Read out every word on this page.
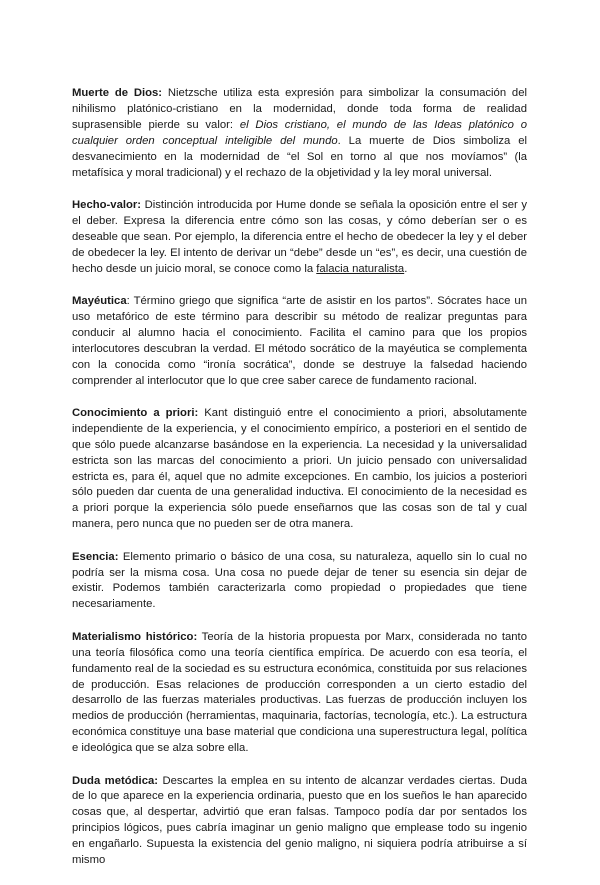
Muerte de Dios: Nietzsche utiliza esta expresión para simbolizar la consumación del nihilismo platónico-cristiano en la modernidad, donde toda forma de realidad suprasensible pierde su valor: el Dios cristiano, el mundo de las Ideas platónico o cualquier orden conceptual inteligible del mundo. La muerte de Dios simboliza el desvanecimiento en la modernidad de “el Sol en torno al que nos movíamos” (la metafísica y moral tradicional) y el rechazo de la objetividad y la ley moral universal.

Hecho-valor: Distinción introducida por Hume donde se señala la oposición entre el ser y el deber. Expresa la diferencia entre cómo son las cosas, y cómo deberían ser o es deseable que sean. Por ejemplo, la diferencia entre el hecho de obedecer la ley y el deber de obedecer la ley. El intento de derivar un “debe” desde un “es”, es decir, una cuestión de hecho desde un juicio moral, se conoce como la falacia naturalista.

Mayéutica: Término griego que significa “arte de asistir en los partos”. Sócrates hace un uso metafórico de este término para describir su método de realizar preguntas para conducir al alumno hacia el conocimiento. Facilita el camino para que los propios interlocutores descubran la verdad. El método socrático de la mayéutica se complementa con la conocida como “ironía socrática”, donde se destruye la falsedad haciendo comprender al interlocutor que lo que cree saber carece de fundamento racional.

Conocimiento a priori: Kant distinguió entre el conocimiento a priori, absolutamente independiente de la experiencia, y el conocimiento empírico, a posteriori en el sentido de que sólo puede alcanzarse basándose en la experiencia. La necesidad y la universalidad estricta son las marcas del conocimiento a priori. Un juicio pensado con universalidad estricta es, para él, aquel que no admite excepciones. En cambio, los juicios a posteriori sólo pueden dar cuenta de una generalidad inductiva. El conocimiento de la necesidad es a priori porque la experiencia sólo puede enseñarnos que las cosas son de tal y cual manera, pero nunca que no pueden ser de otra manera.

Esencia: Elemento primario o básico de una cosa, su naturaleza, aquello sin lo cual no podría ser la misma cosa. Una cosa no puede dejar de tener su esencia sin dejar de existir. Podemos también caracterizarla como propiedad o propiedades que tiene necesariamente.

Materialismo histórico: Teoría de la historia propuesta por Marx, considerada no tanto una teoría filosófica como una teoría científica empírica. De acuerdo con esa teoría, el fundamento real de la sociedad es su estructura económica, constituida por sus relaciones de producción. Esas relaciones de producción corresponden a un cierto estadio del desarrollo de las fuerzas materiales productivas. Las fuerzas de producción incluyen los medios de producción (herramientas, maquinaria, factorías, tecnología, etc.). La estructura económica constituye una base material que condiciona una superestructura legal, política e ideológica que se alza sobre ella.

Duda metódica: Descartes la emplea en su intento de alcanzar verdades ciertas. Duda de lo que aparece en la experiencia ordinaria, puesto que en los sueños le han aparecido cosas que, al despertar, advirtió que eran falsas. Tampoco podía dar por sentados los principios lógicos, pues cabría imaginar un genio maligno que emplease todo su ingenio en engañarlo. Supuesta la existencia del genio maligno, ni siquiera podría atribuirse a sí mismo
